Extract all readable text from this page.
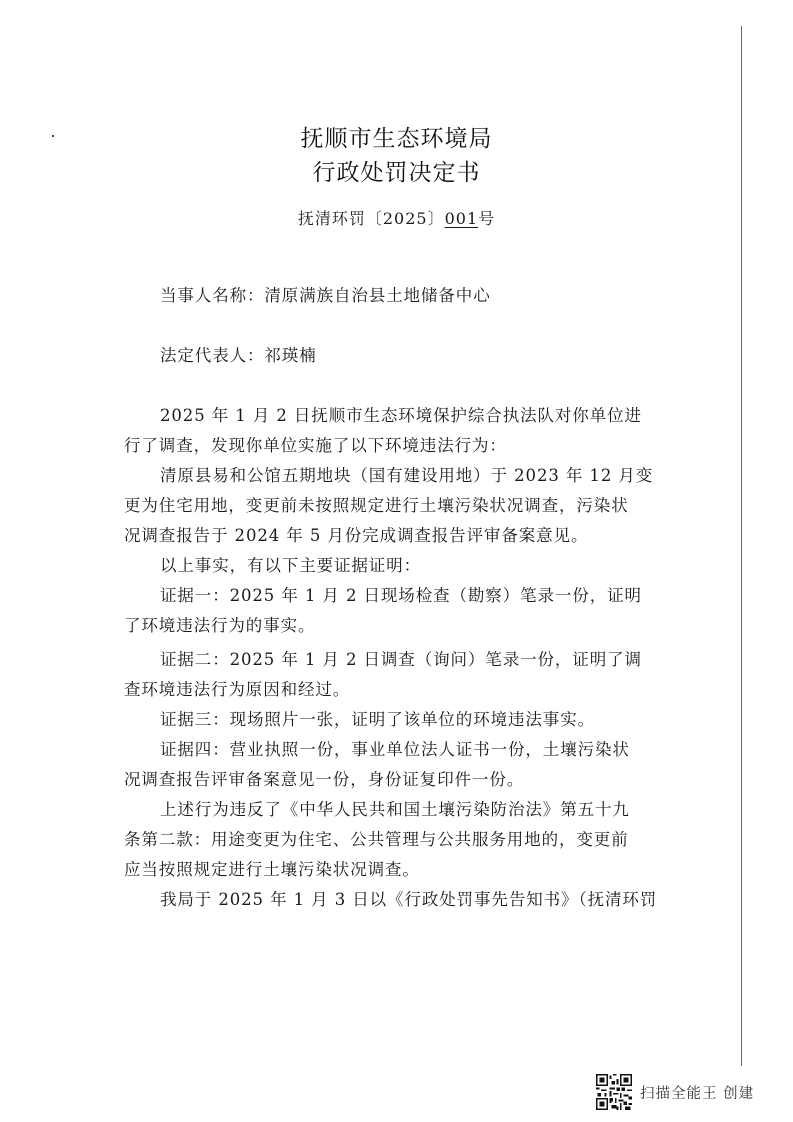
抚顺市生态环境局
行政处罚决定书
抚清环罚〔2025〕001号
当事人名称：清原满族自治县土地储备中心
法定代表人：祁瑛楠
2025 年 1 月 2 日抚顺市生态环境保护综合执法队对你单位进
行了调查，发现你单位实施了以下环境违法行为：
清原县易和公馆五期地块（国有建设用地）于 2023 年 12 月变
更为住宅用地，变更前未按照规定进行土壤污染状况调查，污染状
况调查报告于 2024 年 5 月份完成调查报告评审备案意见。
以上事实，有以下主要证据证明：
证据一：2025 年 1 月 2 日现场检查（勘察）笔录一份，证明
了环境违法行为的事实。
证据二：2025 年 1 月 2 日调查（询问）笔录一份，证明了调
查环境违法行为原因和经过。
证据三：现场照片一张，证明了该单位的环境违法事实。
证据四：营业执照一份，事业单位法人证书一份，土壤污染状
况调查报告评审备案意见一份，身份证复印件一份。
上述行为违反了《中华人民共和国土壤污染防治法》第五十九
条第二款：用途变更为住宅、公共管理与公共服务用地的，变更前
应当按照规定进行土壤污染状况调查。
我局于 2025 年 1 月 3 日以《行政处罚事先告知书》（抚清环罚
扫描全能王 创建
